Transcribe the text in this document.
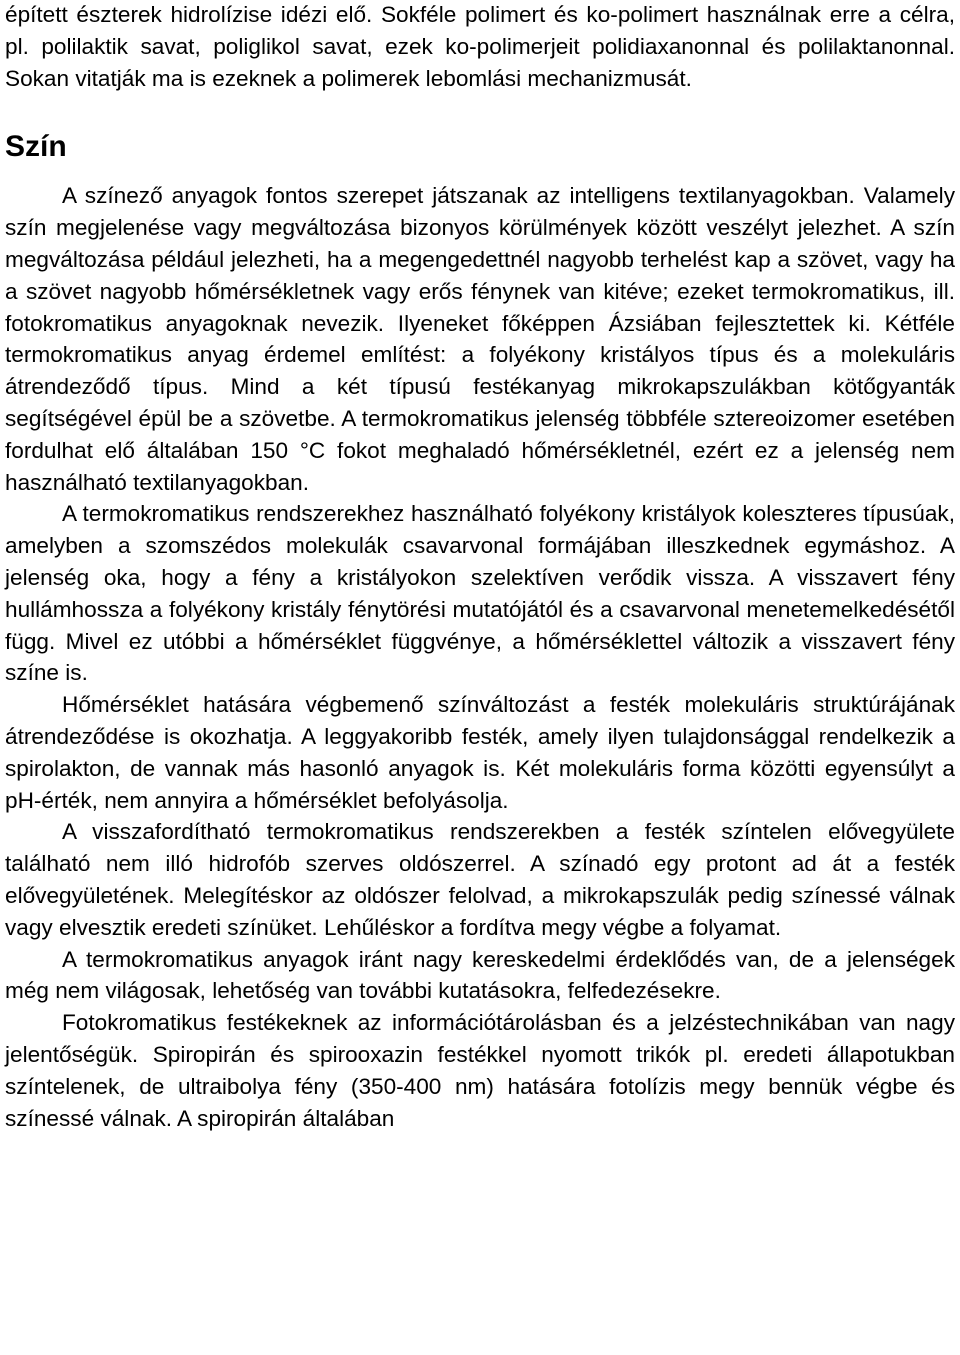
épített észterek hidrolízise idézi elő. Sokféle polimert és ko-polimert használnak erre a célra, pl. polilaktik savat, poliglikol savat, ezek ko-polimerjeit polidiaxanonnal és polilaktanonnal. Sokan vitatják ma is ezeknek a polimerek lebomlási mechanizmusát.

Szín

A színező anyagok fontos szerepet játszanak az intelligens textilanyagokban. Valamely szín megjelenése vagy megváltozása bizonyos körülmények között veszélyt jelezhet. A szín megváltozása például jelezheti, ha a megengedettnél nagyobb terhelést kap a szövet, vagy ha a szövet nagyobb hőmérsékletnek vagy erős fénynek van kitéve; ezeket termokromatikus, ill. fotokromatikus anyagoknak nevezik. Ilyeneket főképpen Ázsiában fejlesztettek ki. Kétféle termokromatikus anyag érdemel említést: a folyékony kristályos típus és a molekuláris átrendeződő típus. Mind a két típusú festékanyag mikrokapszulákban kötőgyanták segítségével épül be a szövetbe. A termokromatikus jelenség többféle sztereoizomer esetében fordulhat elő általában 150 °C fokot meghaladó hőmérsékletnél, ezért ez a jelenség nem használható textilanyagokban.

A termokromatikus rendszerekhez használható folyékony kristályok koleszteres típusúak, amelyben a szomszédos molekulák csavarvonal formájában illeszkednek egymáshoz. A jelenség oka, hogy a fény a kristályokon szelektíven verődik vissza. A visszavert fény hullámhossza a folyékony kristály fénytörési mutatójától és a csavarvonal menetemelkedésétől függ. Mivel ez utóbbi a hőmérséklet függvénye, a hőmérséklettel változik a visszavert fény színe is.

Hőmérséklet hatására végbemenő színváltozást a festék molekuláris struktúrájának átrendeződése is okozhatja. A leggyakoribb festék, amely ilyen tulajdonsággal rendelkezik a spirolakton, de vannak más hasonló anyagok is. Két molekuláris forma közötti egyensúlyt a pH-érték, nem annyira a hőmérséklet befolyásolja.

A visszafordítható termokromatikus rendszerekben a festék színtelen elővegyülete található nem illó hidrofób szerves oldószerrel. A színadó egy protont ad át a festék elővegyületének. Melegítéskor az oldószer felolvad, a mikrokapszulák pedig színessé válnak vagy elvesztik eredeti színüket. Lehűléskor a fordítva megy végbe a folyamat.

A termokromatikus anyagok iránt nagy kereskedelmi érdeklődés van, de a jelenségek még nem világosak, lehetőség van további kutatásokra, felfedezésekre.

Fotokromatikus festékeknek az információtárolásban és a jelzéstechnikában van nagy jelentőségük. Spiropirán és spirooxazin festékkel nyomott trikók pl. eredeti állapotukban színtelenek, de ultraibolya fény (350-400 nm) hatására fotolízis megy bennük végbe és színessé válnak. A spiropirán általában
